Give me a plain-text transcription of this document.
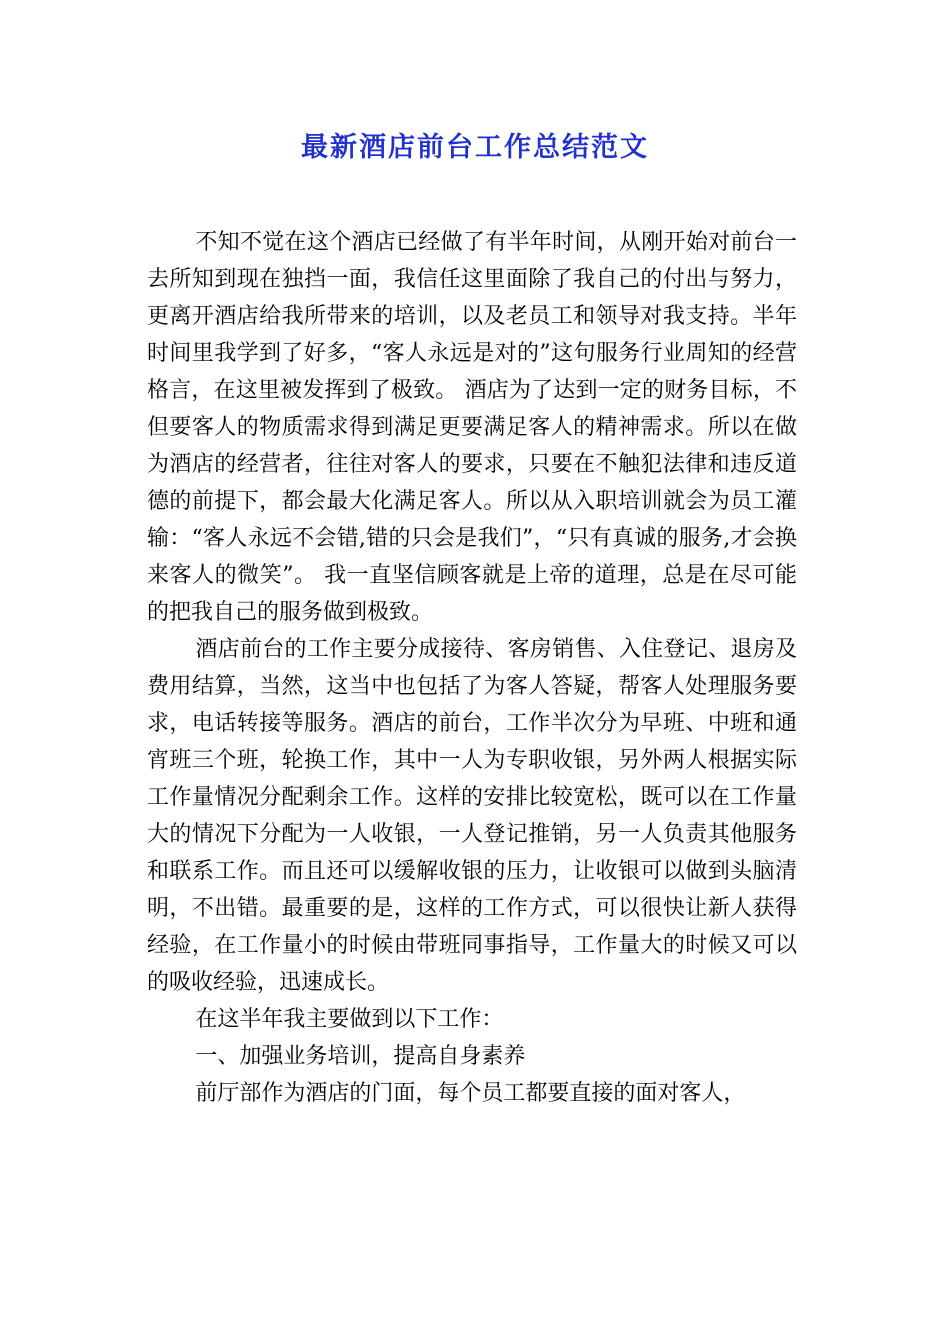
最新酒店前台工作总结范文

不知不觉在这个酒店已经做了有半年时间，从刚开始对前台一去所知到现在独挡一面，我信任这里面除了我自己的付出与努力，更离开酒店给我所带来的培训，以及老员工和领导对我支持。半年时间里我学到了好多，“客人永远是对的”这句服务行业周知的经营格言，在这里被发挥到了极致。 酒店为了达到一定的财务目标，不但要客人的物质需求得到满足更要满足客人的精神需求。所以在做为酒店的经营者，往往对客人的要求，只要在不触犯法律和违反道德的前提下，都会最大化满足客人。所以从入职培训就会为员工灌输：“客人永远不会错,错的只会是我们”，“只有真诚的服务,才会换来客人的微笑”。 我一直坚信顾客就是上帝的道理，总是在尽可能的把我自己的服务做到极致。

酒店前台的工作主要分成接待、客房销售、入住登记、退房及费用结算，当然，这当中也包括了为客人答疑，帮客人处理服务要求，电话转接等服务。酒店的前台，工作半次分为早班、中班和通宵班三个班，轮换工作，其中一人为专职收银，另外两人根据实际工作量情况分配剩余工作。这样的安排比较宽松，既可以在工作量大的情况下分配为一人收银，一人登记推销，另一人负责其他服务和联系工作。而且还可以缓解收银的压力，让收银可以做到头脑清明，不出错。最重要的是，这样的工作方式，可以很快让新人获得经验，在工作量小的时候由带班同事指导，工作量大的时候又可以的吸收经验，迅速成长。

在这半年我主要做到以下工作：

一、加强业务培训，提高自身素养

前厅部作为酒店的门面，每个员工都要直接的面对客人，
